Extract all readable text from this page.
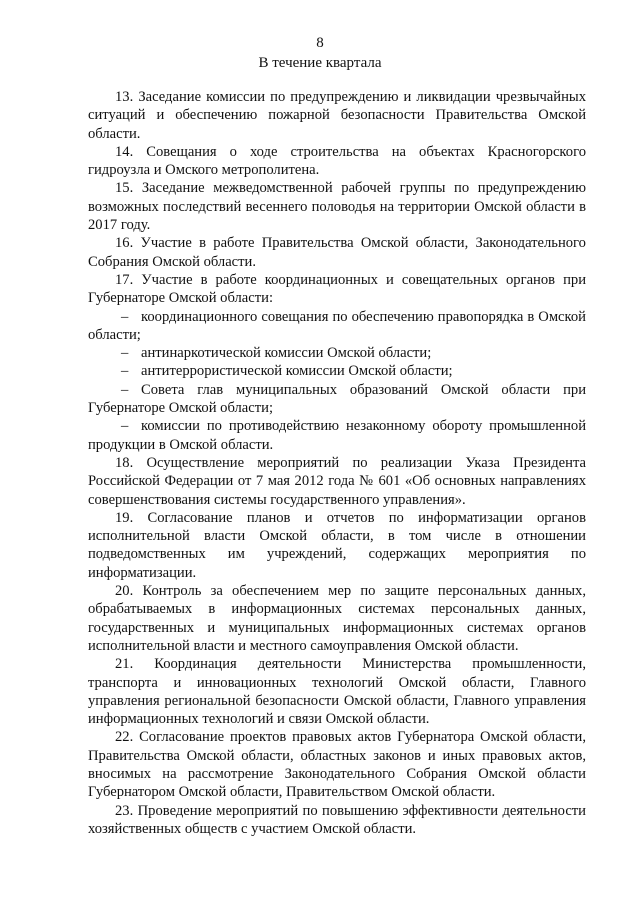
8
В течение квартала

13. Заседание комиссии по предупреждению и ликвидации чрезвычайных ситуаций и обеспечению пожарной безопасности Правительства Омской области.

14. Совещания о ходе строительства на объектах Красногорского гидроузла и Омского метрополитена.

15. Заседание межведомственной рабочей группы по предупреждению возможных последствий весеннего половодья на территории Омской области в 2017 году.

16. Участие в работе Правительства Омской области, Законодательного Собрания Омской области.

17. Участие в работе координационных и совещательных органов при Губернаторе Омской области:

– координационного совещания по обеспечению правопорядка в Омской области;

– антинаркотической комиссии Омской области;

– антитеррористической комиссии Омской области;

– Совета глав муниципальных образований Омской области при Губернаторе Омской области;

– комиссии по противодействию незаконному обороту промышленной продукции в Омской области.

18. Осуществление мероприятий по реализации Указа Президента Российской Федерации от 7 мая 2012 года № 601 «Об основных направлениях совершенствования системы государственного управления».

19. Согласование планов и отчетов по информатизации органов исполнительной власти Омской области, в том числе в отношении подведомственных им учреждений, содержащих мероприятия по информатизации.

20. Контроль за обеспечением мер по защите персональных данных, обрабатываемых в информационных системах персональных данных, государственных и муниципальных информационных системах органов исполнительной власти и местного самоуправления Омской области.

21. Координация деятельности Министерства промышленности, транспорта и инновационных технологий Омской области, Главного управления региональной безопасности Омской области, Главного управления информационных технологий и связи Омской области.

22. Согласование проектов правовых актов Губернатора Омской области, Правительства Омской области, областных законов и иных правовых актов, вносимых на рассмотрение Законодательного Собрания Омской области Губернатором Омской области, Правительством Омской области.

23. Проведение мероприятий по повышению эффективности деятельности хозяйственных обществ с участием Омской области.
